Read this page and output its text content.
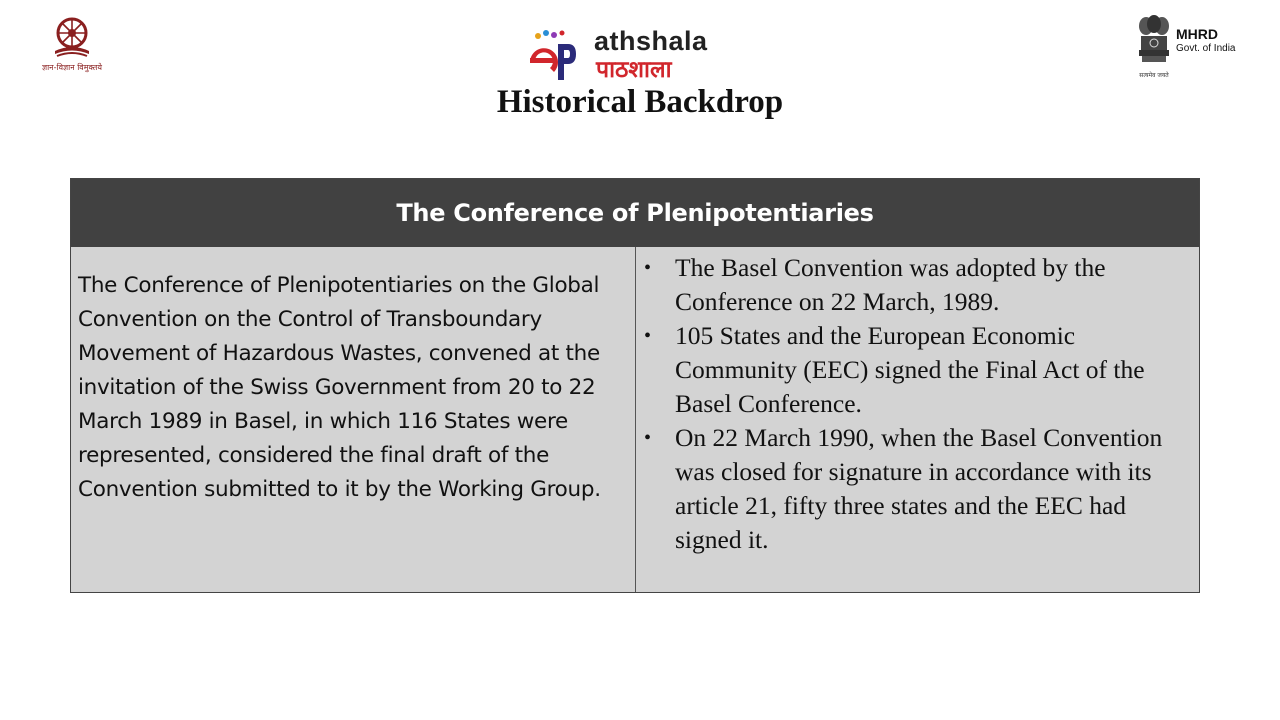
ज्ञान-विज्ञान विमुक्तये
athshala
पाठशाला
MHRD
Govt. of India
सत्यमेव जयते
Historical Backdrop
The Conference of Plenipotentiaries
The Conference of Plenipotentiaries on the Global Convention on the Control of Transboundary Movement of Hazardous Wastes, convened at the invitation of the Swiss Government from 20 to 22 March 1989 in Basel, in which 116 States were represented, considered the final draft of the Convention submitted to it by the Working Group.
• The Basel Convention was adopted by the Conference on 22 March, 1989.
• 105 States and the European Economic Community (EEC) signed the Final Act of the Basel Conference.
• On 22 March 1990, when the Basel Convention was closed for signature in accordance with its article 21, fifty three states and the EEC had signed it.
